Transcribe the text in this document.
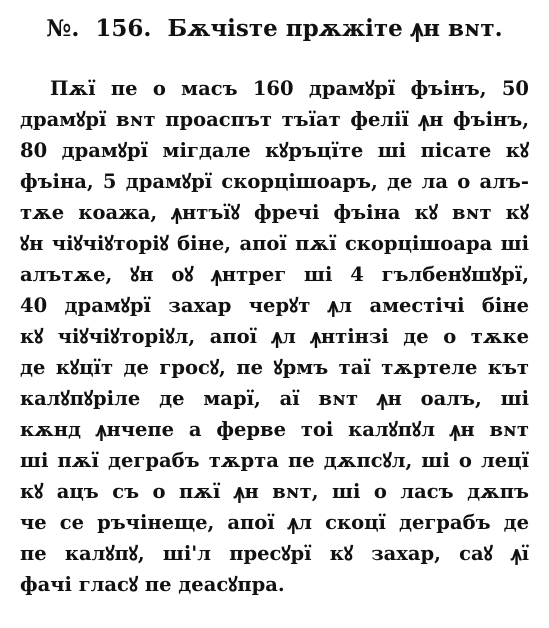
№. 156. Бѫчіѕте прѫжіте ꙟн вɴт.
Пѫї пе о масъ 160 драмꙋрї фъінъ, 50
драмꙋрї вɴт проаспът тъїат фелії ꙟн фъінъ,
80 драмꙋрї мігдале кꙋръцїте ші пісате кꙋ
фъіна, 5 драмꙋрї скорцішоаръ, де ла о алъ-
тѫе коажа, ꙟнтъїꙋ фречі фъіна кꙋ вɴт кꙋ
ꙋн чіꙋчіꙋторіꙋ біне, апої пѫї скорцішоара ші
алътѫе, ꙋн оꙋ ꙟнтрег ші 4 гълбенꙋшꙋрї,
40 драмꙋрї захар черꙋт ꙟл аместічі біне
кꙋ чіꙋчіꙋторіꙋл, апої ꙟл ꙟнтінзі де о тѫке
де кꙋцїт де гросꙋ, пе ꙋрмъ таї тѫртеле кът
калꙋпꙋріле де марї, аї вɴт ꙟн оалъ, ші
кѫнд ꙟнчепе а ферве тоі калꙋпꙋл ꙟн вɴт
ші пѫї деграбъ тѫрта пе дѫпсꙋл, ші о лецї
кꙋ ацъ съ о пѫї ꙟн вɴт, ші о ласъ дѫпъ
че се ръчінеще, апої ꙟл скоцї деграбъ де
пе калꙋпꙋ, ші'л пресꙋрї кꙋ захар, саꙋ ꙟї
фачі гласꙋ пе деасꙋпра.
